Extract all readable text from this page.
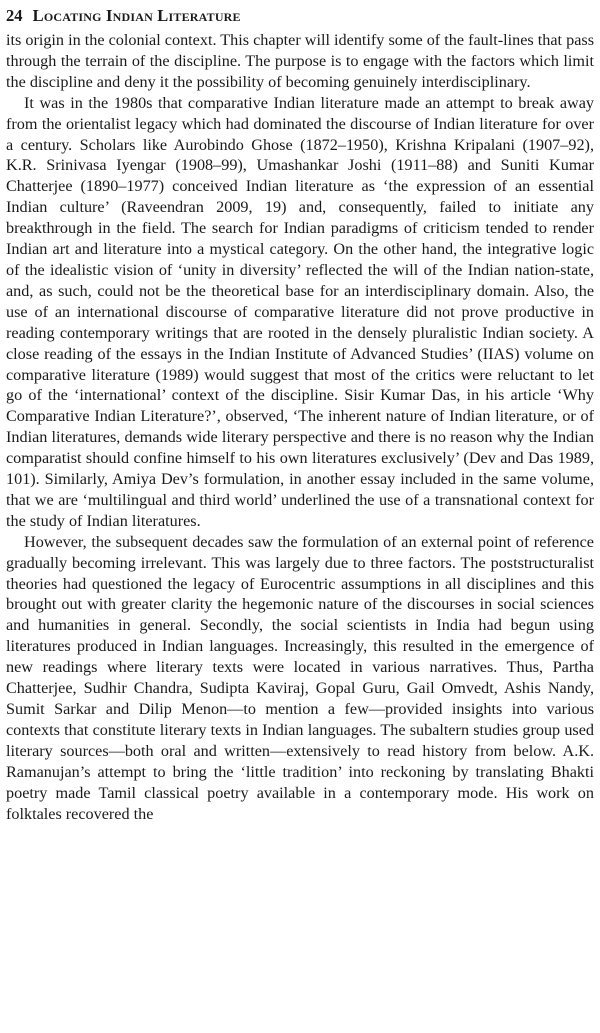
24 Locating Indian Literature

its origin in the colonial context. This chapter will identify some of the fault-lines that pass through the terrain of the discipline. The purpose is to engage with the factors which limit the discipline and deny it the possibility of becoming genuinely interdisciplinary.

It was in the 1980s that comparative Indian literature made an attempt to break away from the orientalist legacy which had dominated the discourse of Indian literature for over a century. Scholars like Aurobindo Ghose (1872–1950), Krishna Kripalani (1907–92), K.R. Srinivasa Iyengar (1908–99), Umashankar Joshi (1911–88) and Suniti Kumar Chatterjee (1890–1977) conceived Indian literature as ‘the expression of an essential Indian culture’ (Raveendran 2009, 19) and, consequently, failed to initiate any breakthrough in the field. The search for Indian paradigms of criticism tended to render Indian art and literature into a mystical category. On the other hand, the integrative logic of the idealistic vision of ‘unity in diversity’ reflected the will of the Indian nation-state, and, as such, could not be the theoretical base for an interdisciplinary domain. Also, the use of an international discourse of comparative literature did not prove productive in reading contemporary writings that are rooted in the densely pluralistic Indian society. A close reading of the essays in the Indian Institute of Advanced Studies’ (IIAS) volume on comparative literature (1989) would suggest that most of the critics were reluctant to let go of the ‘international’ context of the discipline. Sisir Kumar Das, in his article ‘Why Comparative Indian Literature?’, observed, ‘The inherent nature of Indian literature, or of Indian literatures, demands wide literary perspective and there is no reason why the Indian comparatist should confine himself to his own literatures exclusively’ (Dev and Das 1989, 101). Similarly, Amiya Dev’s formulation, in another essay included in the same volume, that we are ‘multilingual and third world’ underlined the use of a transnational context for the study of Indian literatures.

However, the subsequent decades saw the formulation of an external point of reference gradually becoming irrelevant. This was largely due to three factors. The poststructuralist theories had questioned the legacy of Eurocentric assumptions in all disciplines and this brought out with greater clarity the hegemonic nature of the discourses in social sciences and humanities in general. Secondly, the social scientists in India had begun using literatures produced in Indian languages. Increasingly, this resulted in the emergence of new readings where literary texts were located in various narratives. Thus, Partha Chatterjee, Sudhir Chandra, Sudipta Kaviraj, Gopal Guru, Gail Omvedt, Ashis Nandy, Sumit Sarkar and Dilip Menon—to mention a few—provided insights into various contexts that constitute literary texts in Indian languages. The subaltern studies group used literary sources—both oral and written—extensively to read history from below. A.K. Ramanujan’s attempt to bring the ‘little tradition’ into reckoning by translating Bhakti poetry made Tamil classical poetry available in a contemporary mode. His work on folktales recovered the
